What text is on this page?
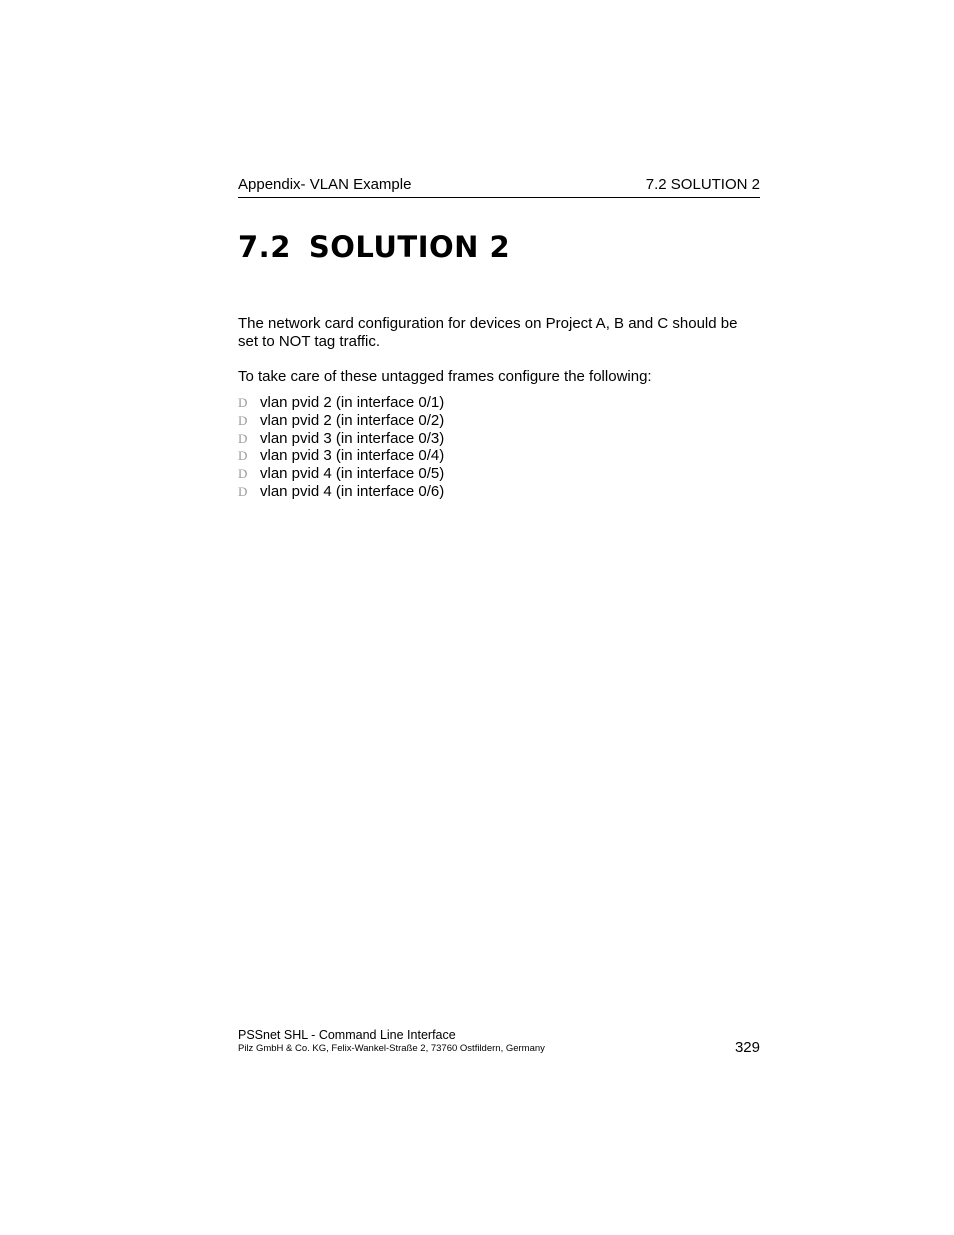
Appendix- VLAN Example	7.2 SOLUTION 2
7.2 SOLUTION 2

The network card configuration for devices on Project A, B and C should be set to NOT tag traffic.

To take care of these untagged frames configure the following:

D vlan pvid 2 (in interface 0/1)
D vlan pvid 2 (in interface 0/2)
D vlan pvid 3 (in interface 0/3)
D vlan pvid 3 (in interface 0/4)
D vlan pvid 4 (in interface 0/5)
D vlan pvid 4 (in interface 0/6)
PSSnet SHL - Command Line Interface
Pilz GmbH & Co. KG, Felix-Wankel-Straße 2, 73760 Ostfildern, Germany	329
